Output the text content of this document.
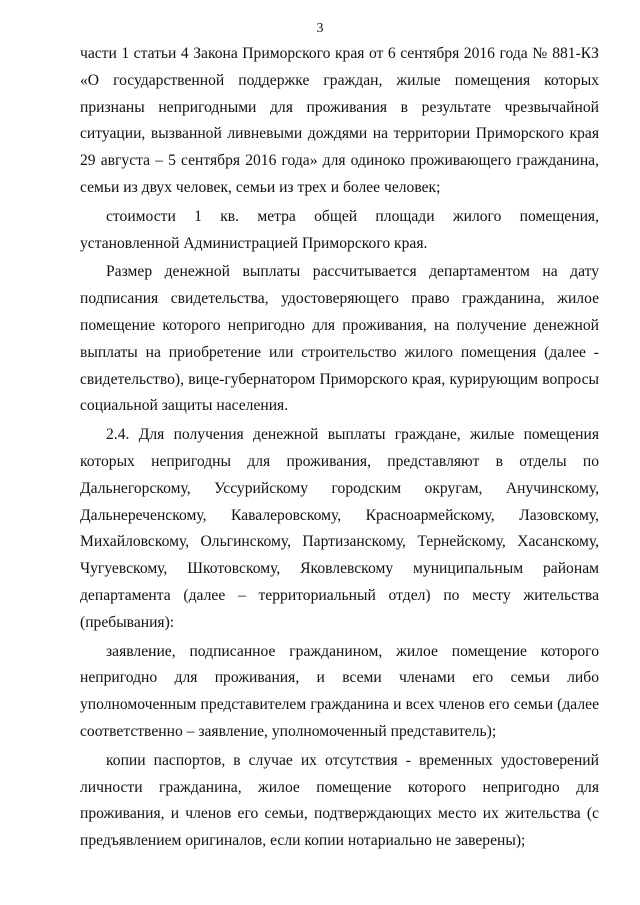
3

части 1 статьи 4 Закона Приморского края от 6 сентября 2016 года № 881-КЗ «О государственной поддержке граждан, жилые помещения которых признаны непригодными для проживания в результате чрезвычайной ситуации, вызванной ливневыми дождями на территории Приморского края 29 августа – 5 сентября 2016 года» для одиноко проживающего гражданина, семьи из двух человек, семьи из трех и более человек;

стоимости 1 кв. метра общей площади жилого помещения, установленной Администрацией Приморского края.

Размер денежной выплаты рассчитывается департаментом на дату подписания свидетельства, удостоверяющего право гражданина, жилое помещение которого непригодно для проживания, на получение денежной выплаты на приобретение или строительство жилого помещения (далее - свидетельство), вице-губернатором Приморского края, курирующим вопросы социальной защиты населения.

2.4. Для получения денежной выплаты граждане, жилые помещения которых непригодны для проживания, представляют в отделы по Дальнегорскому, Уссурийскому городским округам, Анучинскому, Дальнереченскому, Кавалеровскому, Красноармейскому, Лазовскому, Михайловскому, Ольгинскому, Партизанскому, Тернейскому, Хасанскому, Чугуевскому, Шкотовскому, Яковлевскому муниципальным районам департамента (далее – территориальный отдел) по месту жительства (пребывания):

заявление, подписанное гражданином, жилое помещение которого непригодно для проживания, и всеми членами его семьи либо уполномоченным представителем гражданина и всех членов его семьи (далее соответственно – заявление, уполномоченный представитель);

копии паспортов, в случае их отсутствия - временных удостоверений личности гражданина, жилое помещение которого непригодно для проживания, и членов его семьи, подтверждающих место их жительства (с предъявлением оригиналов, если копии нотариально не заверены);
